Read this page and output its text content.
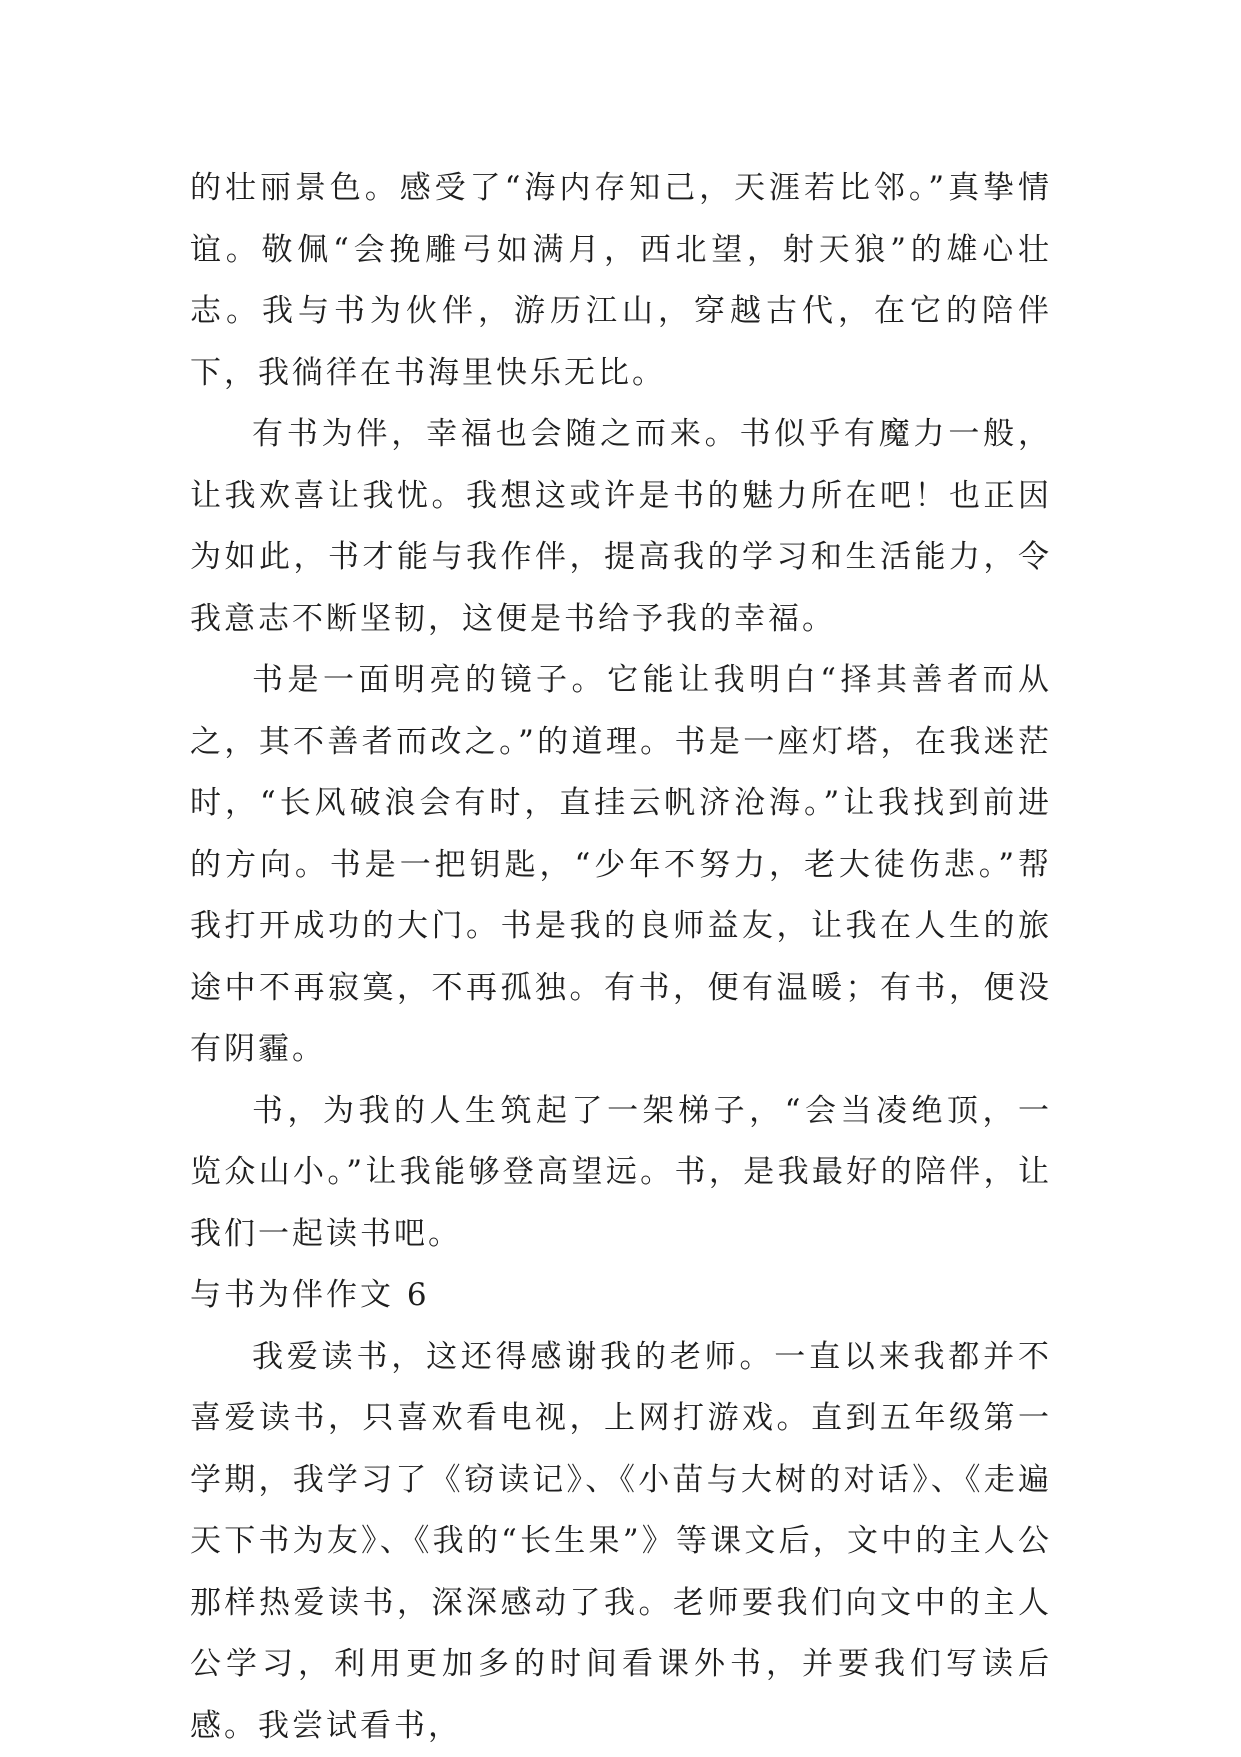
的壮丽景色。感受了“海内存知己，天涯若比邻。”真挚情谊。敬佩“会挽雕弓如满月，西北望，射天狼”的雄心壮志。我与书为伙伴，游历江山，穿越古代，在它的陪伴下，我徜徉在书海里快乐无比。

有书为伴，幸福也会随之而来。书似乎有魔力一般，让我欢喜让我忧。我想这或许是书的魅力所在吧！也正因为如此，书才能与我作伴，提高我的学习和生活能力，令我意志不断坚韧，这便是书给予我的幸福。

书是一面明亮的镜子。它能让我明白“择其善者而从之，其不善者而改之。”的道理。书是一座灯塔，在我迷茫时，“长风破浪会有时，直挂云帆济沧海。”让我找到前进的方向。书是一把钥匙，“少年不努力，老大徒伤悲。”帮我打开成功的大门。书是我的良师益友，让我在人生的旅途中不再寂寞，不再孤独。有书，便有温暖；有书，便没有阴霾。

书，为我的人生筑起了一架梯子，“会当凌绝顶，一览众山小。”让我能够登高望远。书，是我最好的陪伴，让我们一起读书吧。

与书为伴作文 6

我爱读书，这还得感谢我的老师。一直以来我都并不喜爱读书，只喜欢看电视，上网打游戏。直到五年级第一学期，我学习了《窃读记》、《小苗与大树的对话》、《走遍天下书为友》、《我的“长生果”》等课文后，文中的主人公那样热爱读书，深深感动了我。老师要我们向文中的主人公学习，利用更加多的时间看课外书，并要我们写读后感。我尝试看书，
